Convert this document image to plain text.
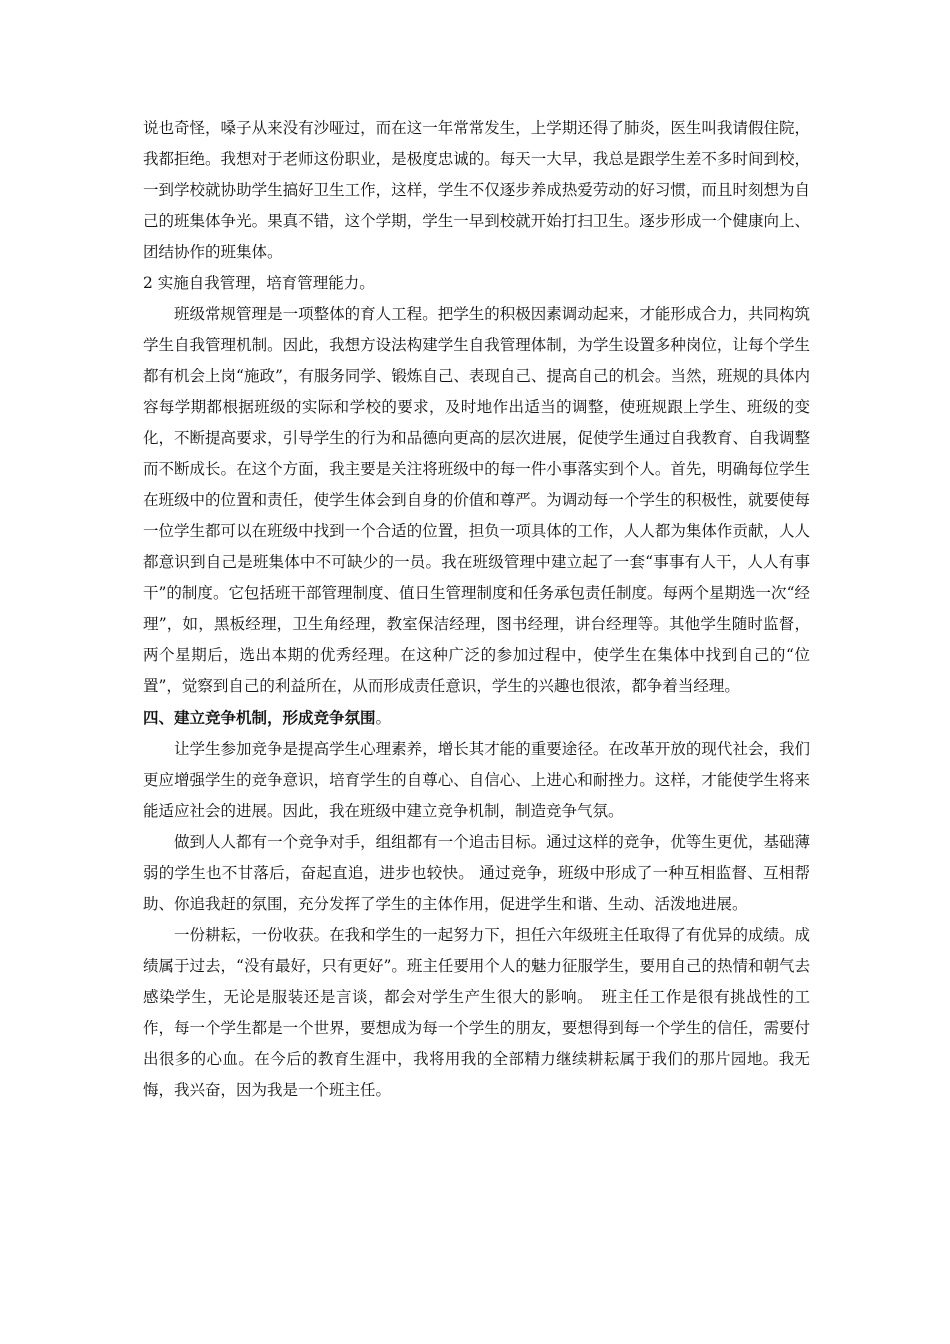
说也奇怪，嗓子从来没有沙哑过，而在这一年常常发生，上学期还得了肺炎，医生叫我请假住院，我都拒绝。我想对于老师这份职业，是极度忠诚的。每天一大早，我总是跟学生差不多时间到校，一到学校就协助学生搞好卫生工作，这样，学生不仅逐步养成热爱劳动的好习惯，而且时刻想为自己的班集体争光。果真不错，这个学期，学生一早到校就开始打扫卫生。逐步形成一个健康向上、团结协作的班集体。

2 实施自我管理，培育管理能力。

班级常规管理是一项整体的育人工程。把学生的积极因素调动起来，才能形成合力，共同构筑学生自我管理机制。因此，我想方设法构建学生自我管理体制，为学生设置多种岗位，让每个学生都有机会上岗“施政”，有服务同学、锻炼自己、表现自己、提高自己的机会。当然，班规的具体内容每学期都根据班级的实际和学校的要求，及时地作出适当的调整，使班规跟上学生、班级的变化，不断提高要求，引导学生的行为和品德向更高的层次进展，促使学生通过自我教育、自我调整而不断成长。在这个方面，我主要是关注将班级中的每一件小事落实到个人。首先，明确每位学生在班级中的位置和责任，使学生体会到自身的价值和尊严。为调动每一个学生的积极性，就要使每一位学生都可以在班级中找到一个合适的位置，担负一项具体的工作，人人都为集体作贡献，人人都意识到自己是班集体中不可缺少的一员。我在班级管理中建立起了一套“事事有人干，人人有事干”的制度。它包括班干部管理制度、值日生管理制度和任务承包责任制度。每两个星期选一次“经理”，如，黑板经理，卫生角经理，教室保洁经理，图书经理，讲台经理等。其他学生随时监督，两个星期后，选出本期的优秀经理。在这种广泛的参加过程中，使学生在集体中找到自己的“位置”，觉察到自己的利益所在，从而形成责任意识，学生的兴趣也很浓，都争着当经理。

四、建立竞争机制，形成竞争氛围。

让学生参加竞争是提高学生心理素养，增长其才能的重要途径。在改革开放的现代社会，我们更应增强学生的竞争意识，培育学生的自尊心、自信心、上进心和耐挫力。这样，才能使学生将来能适应社会的进展。因此，我在班级中建立竞争机制，制造竞争气氛。

做到人人都有一个竞争对手，组组都有一个追击目标。通过这样的竞争，优等生更优，基础薄弱的学生也不甘落后，奋起直追，进步也较快。 通过竞争，班级中形成了一种互相监督、互相帮助、你追我赶的氛围，充分发挥了学生的主体作用，促进学生和谐、生动、活泼地进展。

一份耕耘，一份收获。在我和学生的一起努力下，担任六年级班主任取得了有优异的成绩。成绩属于过去，“没有最好，只有更好”。班主任要用个人的魅力征服学生，要用自己的热情和朝气去感染学生，无论是服装还是言谈，都会对学生产生很大的影响。　班主任工作是很有挑战性的工作，每一个学生都是一个世界，要想成为每一个学生的朋友，要想得到每一个学生的信任，需要付出很多的心血。在今后的教育生涯中，我将用我的全部精力继续耕耘属于我们的那片园地。我无悔，我兴奋，因为我是一个班主任。
